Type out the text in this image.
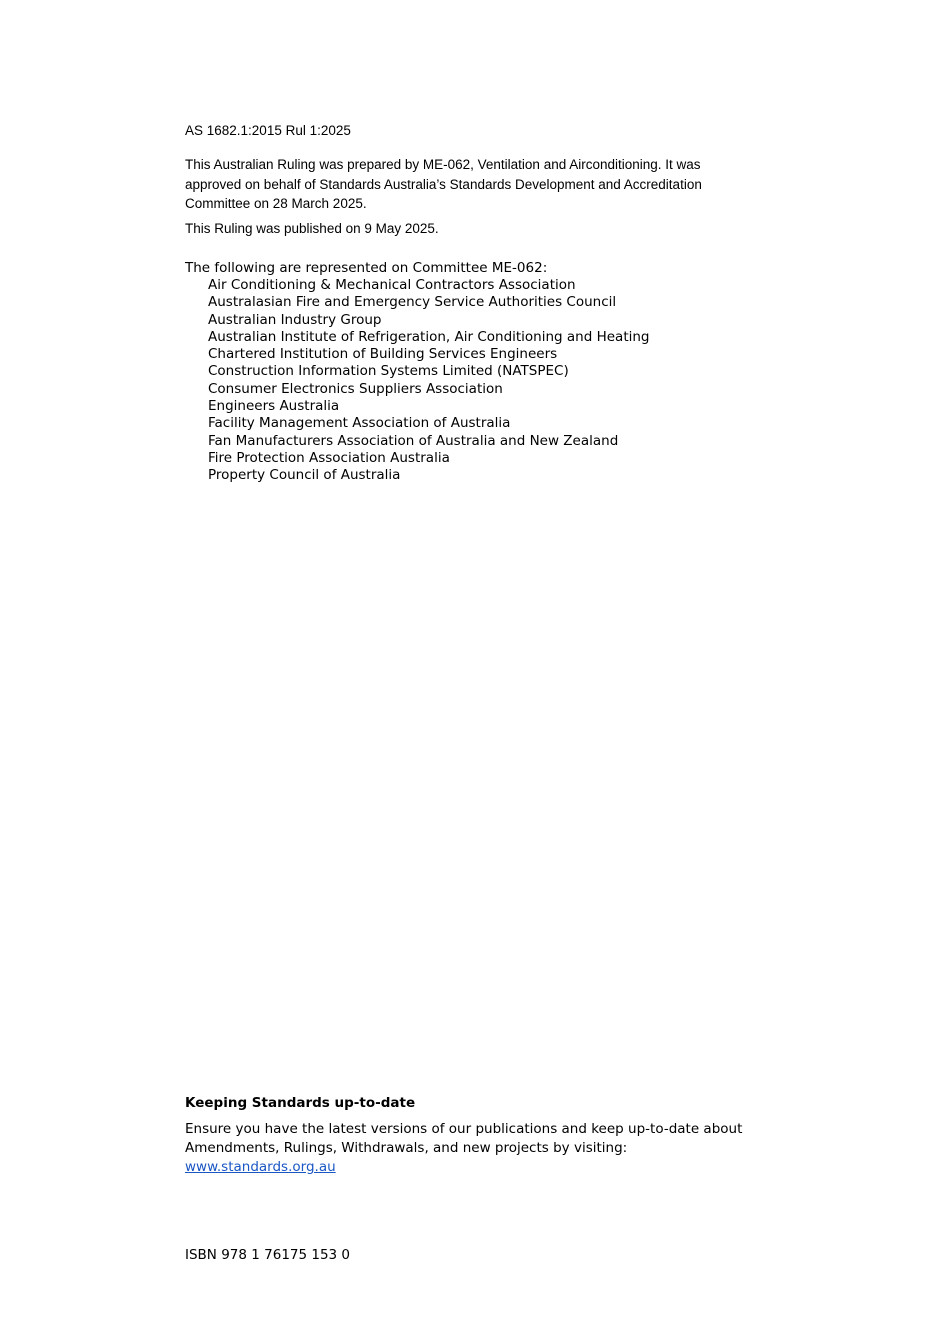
AS 1682.1:2015 Rul 1:2025

This Australian Ruling was prepared by ME-062, Ventilation and Airconditioning. It was approved on behalf of Standards Australia’s Standards Development and Accreditation Committee on 28 March 2025.

This Ruling was published on 9 May 2025.

The following are represented on Committee ME-062:

Air Conditioning & Mechanical Contractors Association
Australasian Fire and Emergency Service Authorities Council
Australian Industry Group
Australian Institute of Refrigeration, Air Conditioning and Heating
Chartered Institution of Building Services Engineers
Construction Information Systems Limited (NATSPEC)
Consumer Electronics Suppliers Association
Engineers Australia
Facility Management Association of Australia
Fan Manufacturers Association of Australia and New Zealand
Fire Protection Association Australia
Property Council of Australia

Keeping Standards up-to-date

Ensure you have the latest versions of our publications and keep up-to-date about Amendments, Rulings, Withdrawals, and new projects by visiting:

www.standards.org.au
ISBN 978 1 76175 153 0
